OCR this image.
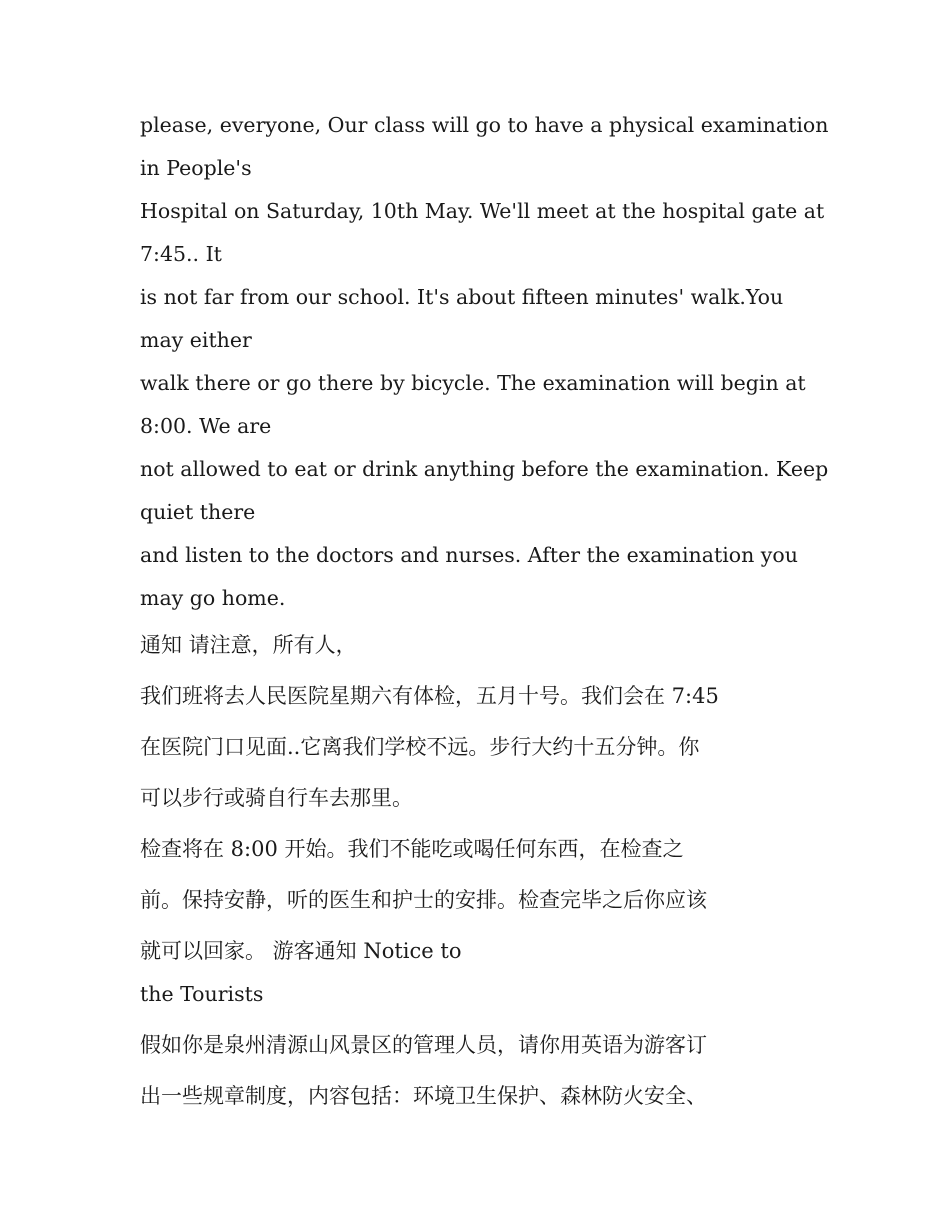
please, everyone, Our class will go to have a physical examination

in People's

Hospital on Saturday, 10th May. We'll meet at the hospital gate at

7:45.. It

is not far from our school. It's about fifteen minutes' walk.You

may either

walk there or go there by bicycle. The examination will begin at

8:00. We are

not allowed to eat or drink anything before the examination. Keep

quiet there

and listen to the doctors and nurses. After the examination you

may go home.

通知 请注意，所有人，

我们班将去人民医院星期六有体检，五月十号。我们会在 7:45

在医院门口见面..它离我们学校不远。步行大约十五分钟。你

可以步行或骑自行车去那里。

检查将在 8:00 开始。我们不能吃或喝任何东西，在检查之

前。保持安静，听的医生和护士的安排。检查完毕之后你应该

就可以回家。 游客通知 Notice to

the Tourists

假如你是泉州清源山风景区的管理人员，请你用英语为游客订

出一些规章制度，内容包括：环境卫生保护、森林防火安全、
